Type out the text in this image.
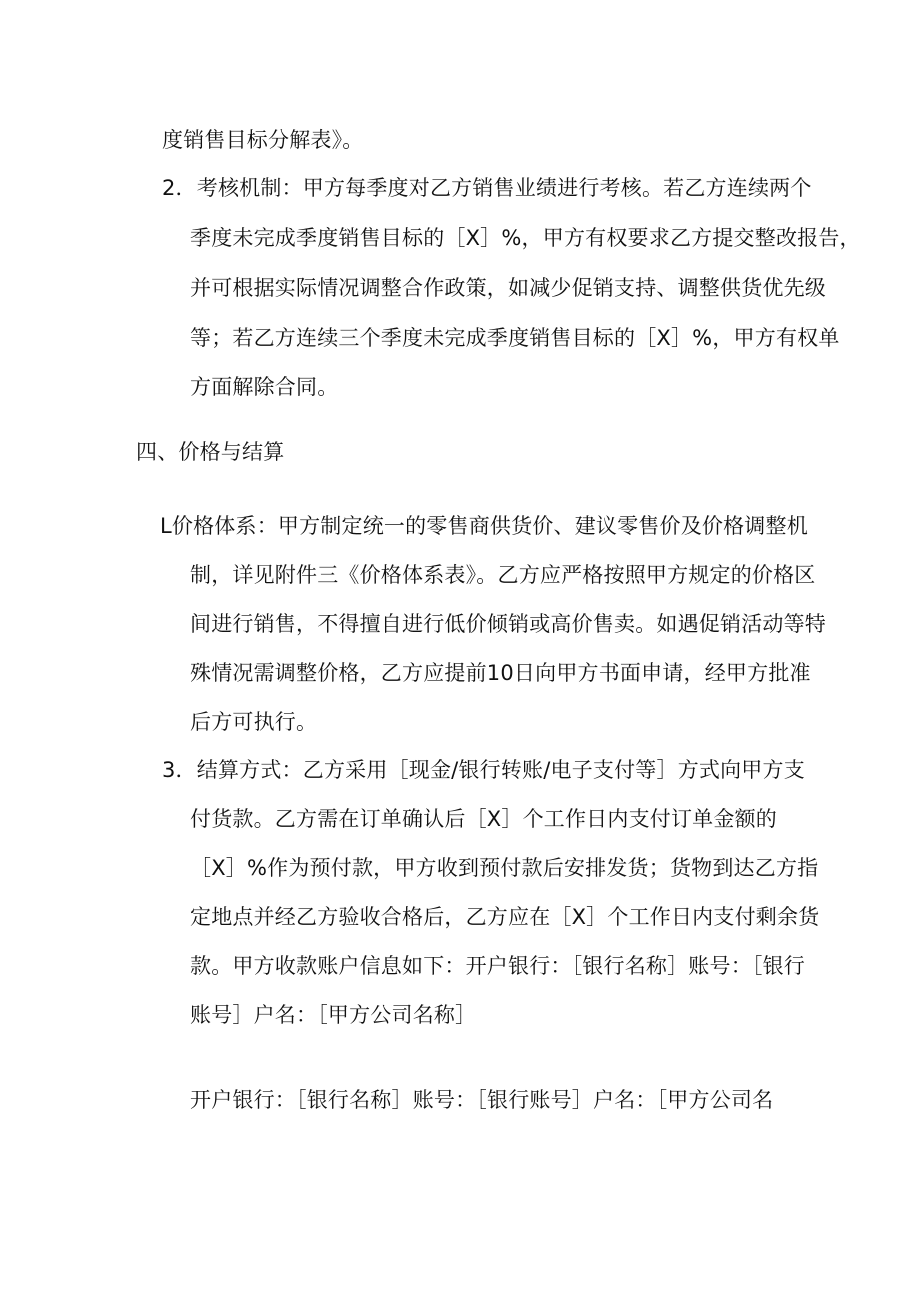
度销售目标分解表》。
2．考核机制：甲方每季度对乙方销售业绩进行考核。若乙方连续两个
季度未完成季度销售目标的［X］%，甲方有权要求乙方提交整改报告，
并可根据实际情况调整合作政策，如减少促销支持、调整供货优先级
等；若乙方连续三个季度未完成季度销售目标的［X］%，甲方有权单
方面解除合同。
四、价格与结算
L价格体系：甲方制定统一的零售商供货价、建议零售价及价格调整机
制，详见附件三《价格体系表》。乙方应严格按照甲方规定的价格区
间进行销售，不得擅自进行低价倾销或高价售卖。如遇促销活动等特
殊情况需调整价格，乙方应提前10日向甲方书面申请，经甲方批准
后方可执行。
3．结算方式：乙方采用［现金/银行转账/电子支付等］方式向甲方支
付货款。乙方需在订单确认后［X］个工作日内支付订单金额的
［X］%作为预付款，甲方收到预付款后安排发货；货物到达乙方指
定地点并经乙方验收合格后，乙方应在［X］个工作日内支付剩余货
款。甲方收款账户信息如下：开户银行：［银行名称］账号：［银行
账号］户名：［甲方公司名称］
开户银行：［银行名称］账号：［银行账号］户名：［甲方公司名
